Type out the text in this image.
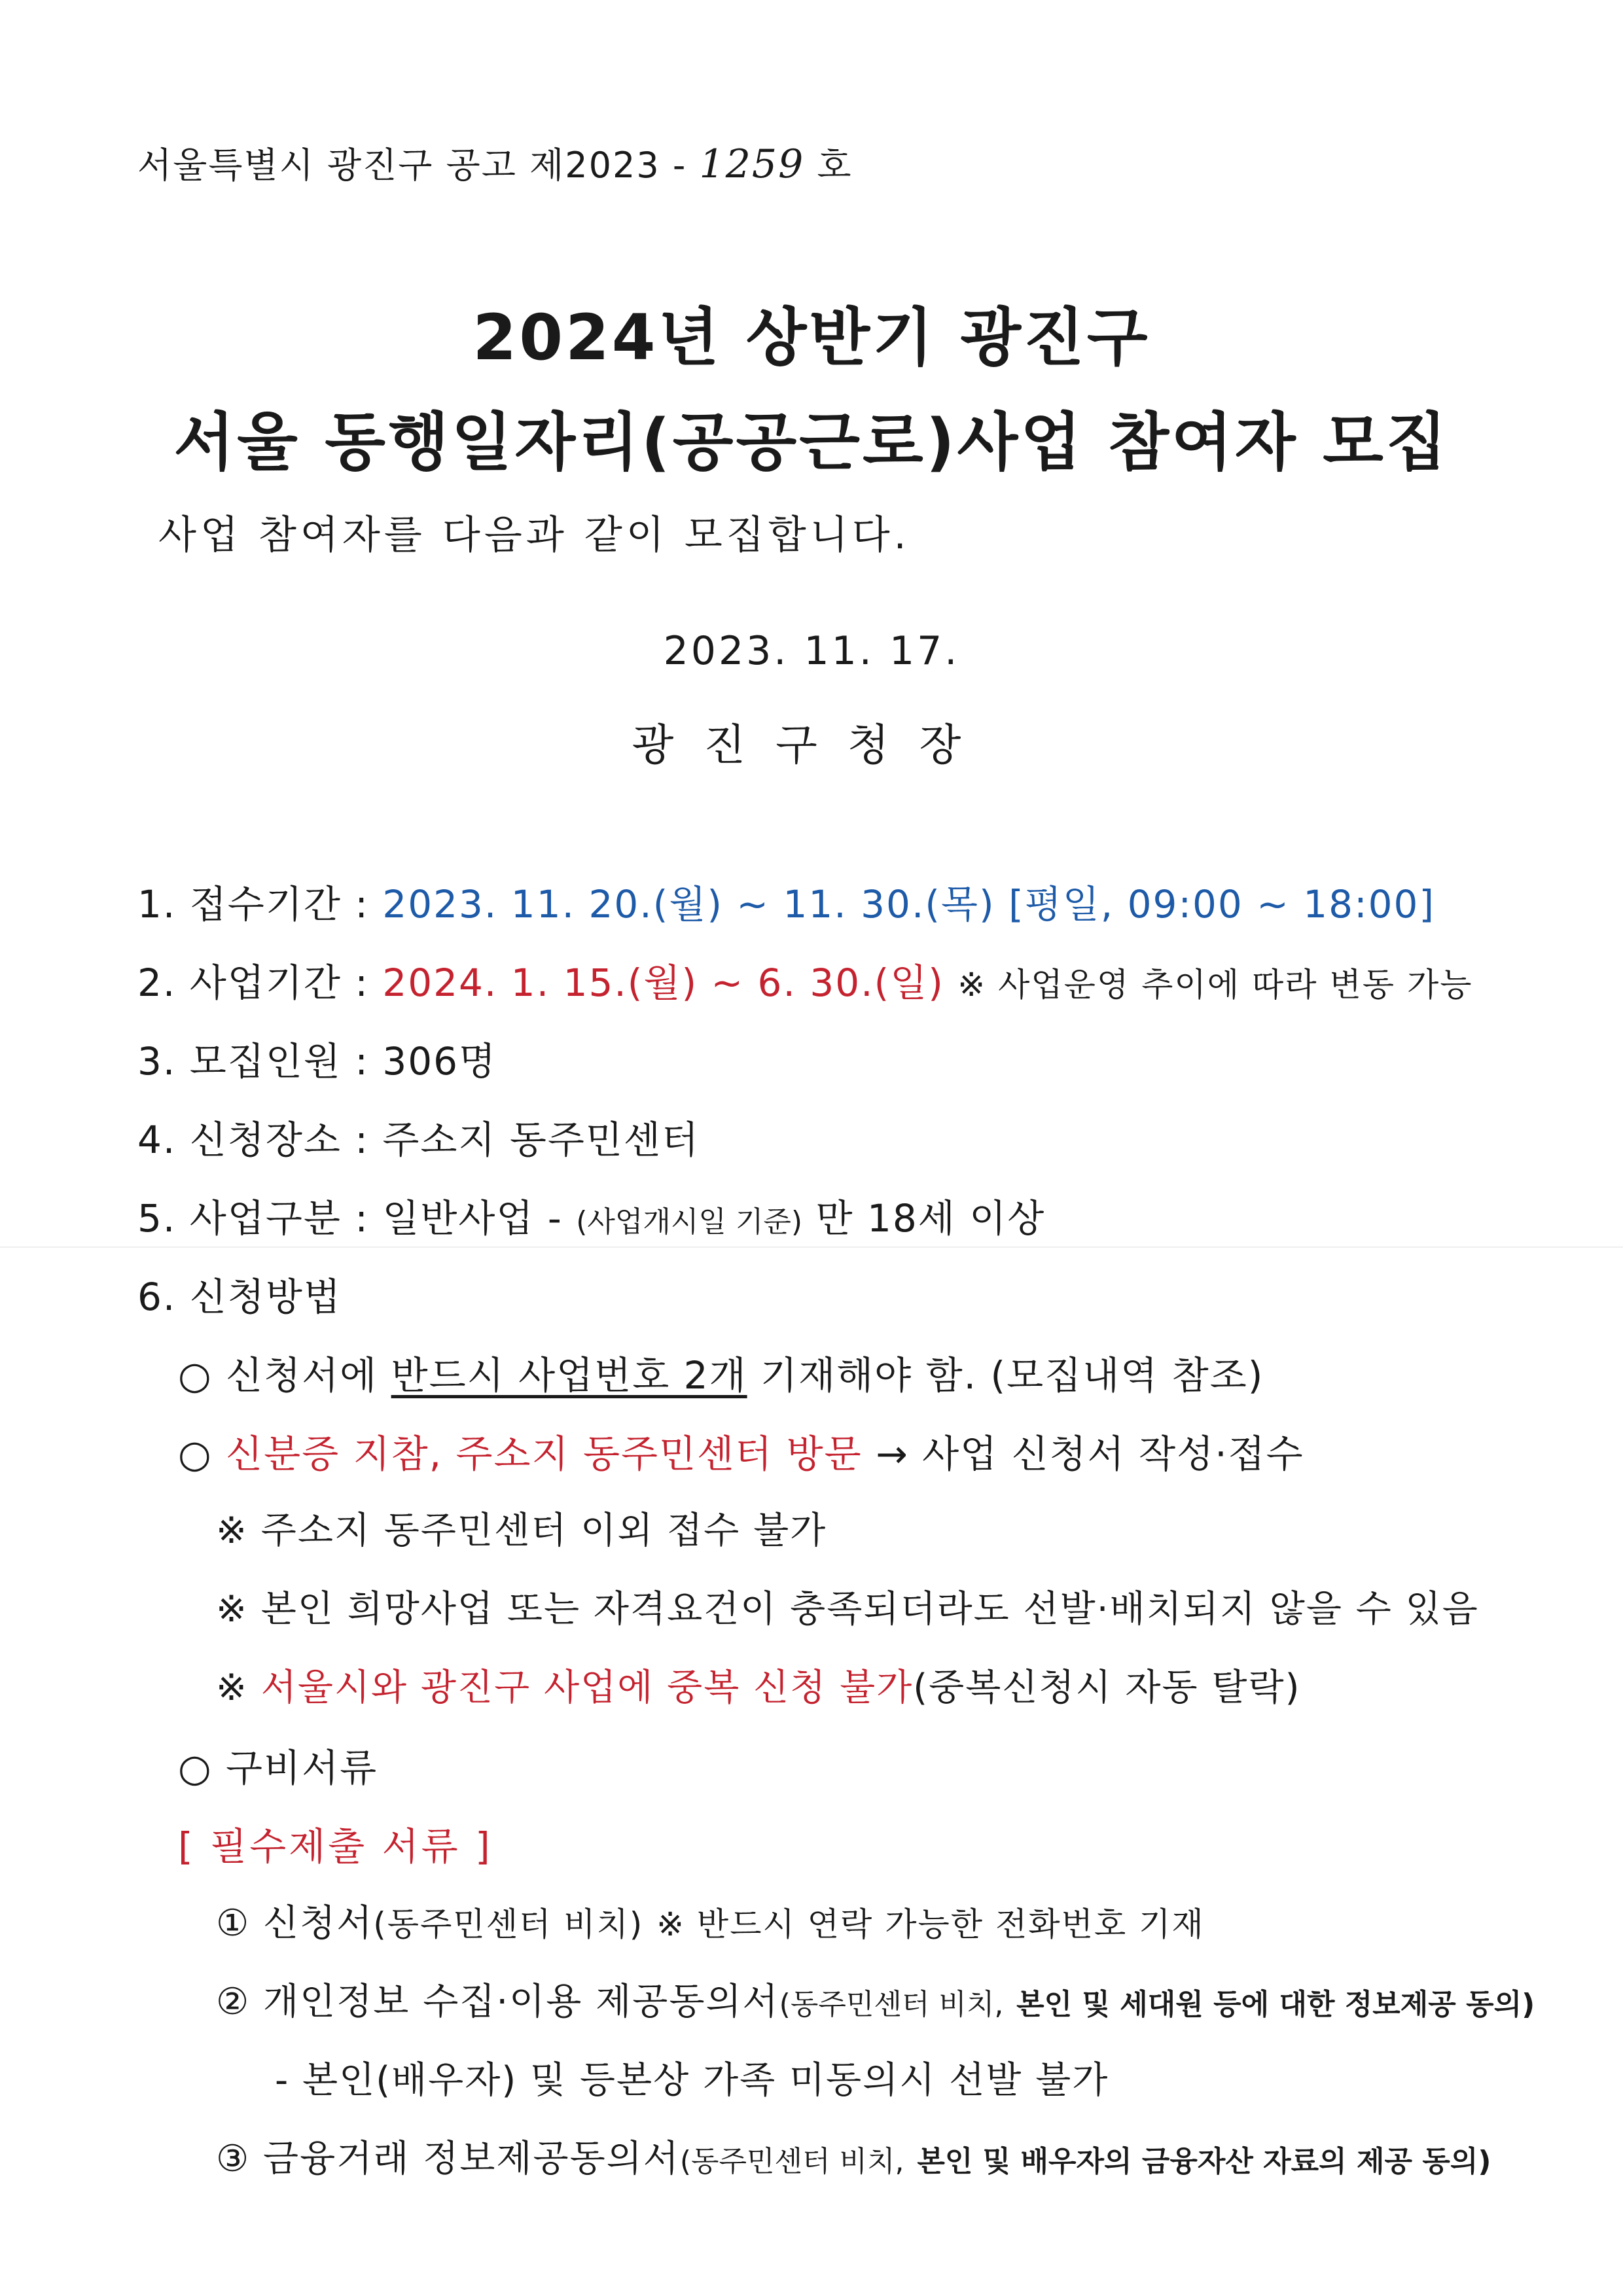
서울특별시 광진구 공고 제2023 - 1259 호
2024년 상반기 광진구
서울 동행일자리(공공근로)사업 참여자 모집
사업 참여자를 다음과 같이 모집합니다.
2023. 11. 17.
광진구청장
1. 접수기간 : 2023. 11. 20.(월) ~ 11. 30.(목) [평일, 09:00 ~ 18:00]
2. 사업기간 : 2024. 1. 15.(월) ~ 6. 30.(일) ※ 사업운영 추이에 따라 변동 가능
3. 모집인원 : 306명
4. 신청장소 : 주소지 동주민센터
5. 사업구분 : 일반사업 - (사업개시일 기준) 만 18세 이상
6. 신청방법
○ 신청서에 반드시 사업번호 2개 기재해야 함. (모집내역 참조)
○ 신분증 지참, 주소지 동주민센터 방문 → 사업 신청서 작성·접수
※ 주소지 동주민센터 이외 접수 불가
※ 본인 희망사업 또는 자격요건이 충족되더라도 선발·배치되지 않을 수 있음
※ 서울시와 광진구 사업에 중복 신청 불가(중복신청시 자동 탈락)
○ 구비서류
[ 필수제출 서류 ]
① 신청서(동주민센터 비치) ※ 반드시 연락 가능한 전화번호 기재
② 개인정보 수집·이용 제공동의서(동주민센터 비치, 본인 및 세대원 등에 대한 정보제공 동의)
- 본인(배우자) 및 등본상 가족 미동의시 선발 불가
③ 금융거래 정보제공동의서(동주민센터 비치, 본인 및 배우자의 금융자산 자료의 제공 동의)
